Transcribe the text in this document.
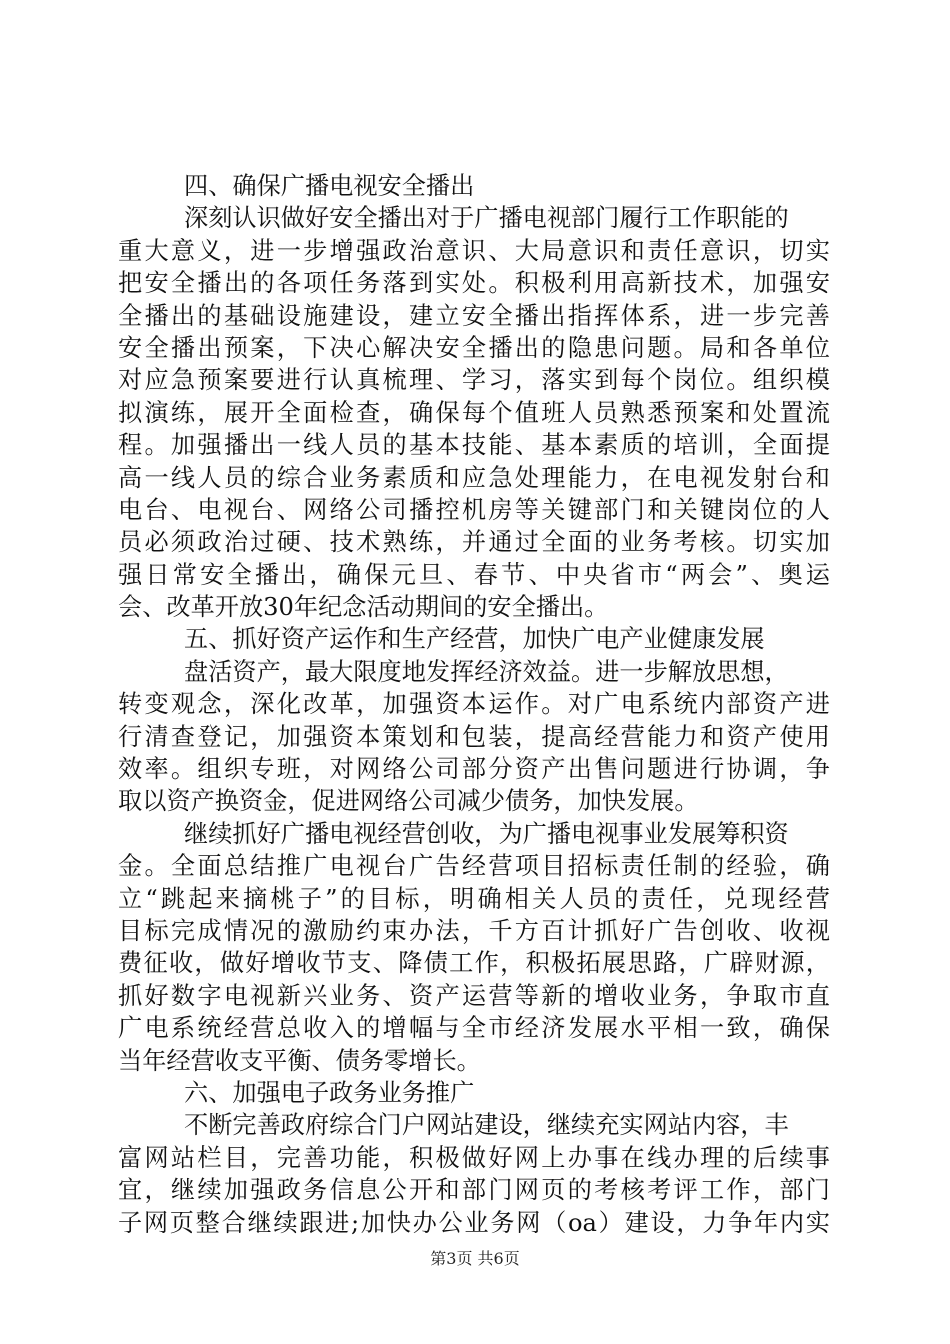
四、确保广播电视安全播出
深刻认识做好安全播出对于广播电视部门履行工作职能的
重大意义，进一步增强政治意识、大局意识和责任意识，切实
把安全播出的各项任务落到实处。积极利用高新技术，加强安
全播出的基础设施建设，建立安全播出指挥体系，进一步完善
安全播出预案，下决心解决安全播出的隐患问题。局和各单位
对应急预案要进行认真梳理、学习，落实到每个岗位。组织模
拟演练，展开全面检查，确保每个值班人员熟悉预案和处置流
程。加强播出一线人员的基本技能、基本素质的培训，全面提
高一线人员的综合业务素质和应急处理能力，在电视发射台和
电台、电视台、网络公司播控机房等关键部门和关键岗位的人
员必须政治过硬、技术熟练，并通过全面的业务考核。切实加
强日常安全播出，确保元旦、春节、中央省市“两会”、奥运
会、改革开放30年纪念活动期间的安全播出。
五、抓好资产运作和生产经营，加快广电产业健康发展
盘活资产，最大限度地发挥经济效益。进一步解放思想，
转变观念，深化改革，加强资本运作。对广电系统内部资产进
行清查登记，加强资本策划和包装，提高经营能力和资产使用
效率。组织专班，对网络公司部分资产出售问题进行协调，争
取以资产换资金，促进网络公司减少债务，加快发展。
继续抓好广播电视经营创收，为广播电视事业发展筹积资
金。全面总结推广电视台广告经营项目招标责任制的经验，确
立“跳起来摘桃子”的目标，明确相关人员的责任，兑现经营
目标完成情况的激励约束办法，千方百计抓好广告创收、收视
费征收，做好增收节支、降债工作，积极拓展思路，广辟财源，
抓好数字电视新兴业务、资产运营等新的增收业务，争取市直
广电系统经营总收入的增幅与全市经济发展水平相一致，确保
当年经营收支平衡、债务零增长。
六、加强电子政务业务推广
不断完善政府综合门户网站建设，继续充实网站内容，丰
富网站栏目，完善功能，积极做好网上办事在线办理的后续事
宜，继续加强政务信息公开和部门网页的考核考评工作，部门
子网页整合继续跟进;加快办公业务网（oa）建设，力争年内实
第3页 共6页
